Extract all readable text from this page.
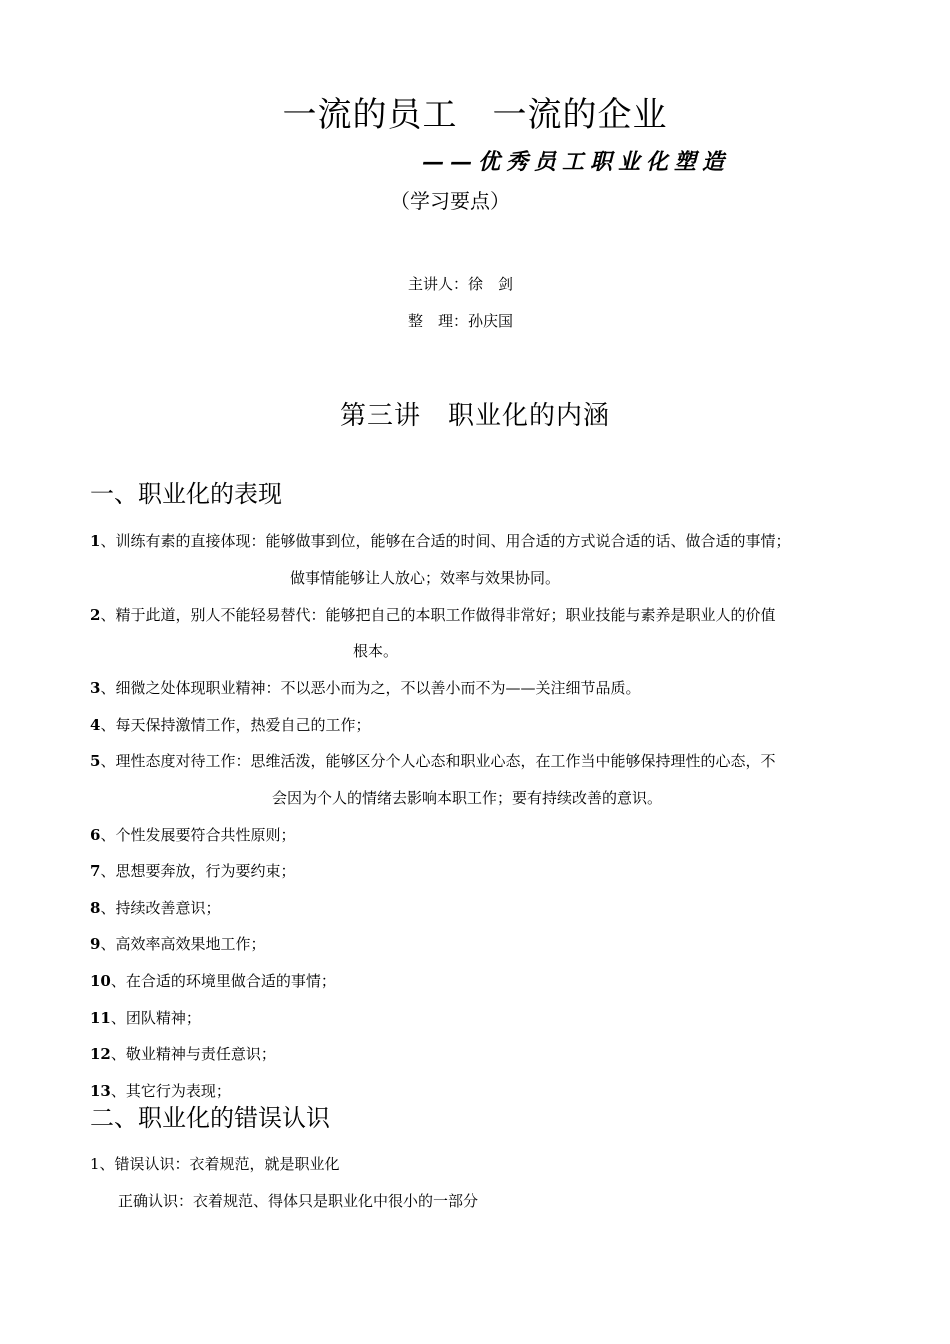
一流的员工　一流的企业
——优秀员工职业化塑造
（学习要点）
主讲人：徐　剑
整　理：孙庆国
第三讲　职业化的内涵
一、职业化的表现
1、训练有素的直接体现：能够做事到位，能够在合适的时间、用合适的方式说合适的话、做合适的事情；
做事情能够让人放心；效率与效果协同。
2、精于此道，别人不能轻易替代：能够把自己的本职工作做得非常好；职业技能与素养是职业人的价值
根本。
3、细微之处体现职业精神：不以恶小而为之，不以善小而不为——关注细节品质。
4、每天保持激情工作，热爱自己的工作；
5、理性态度对待工作：思维活泼，能够区分个人心态和职业心态，在工作当中能够保持理性的心态，不
会因为个人的情绪去影响本职工作；要有持续改善的意识。
6、个性发展要符合共性原则；
7、思想要奔放，行为要约束；
8、持续改善意识；
9、高效率高效果地工作；
10、在合适的环境里做合适的事情；
11、团队精神；
12、敬业精神与责任意识；
13、其它行为表现；
二、职业化的错误认识
1、错误认识：衣着规范，就是职业化
正确认识：衣着规范、得体只是职业化中很小的一部分
